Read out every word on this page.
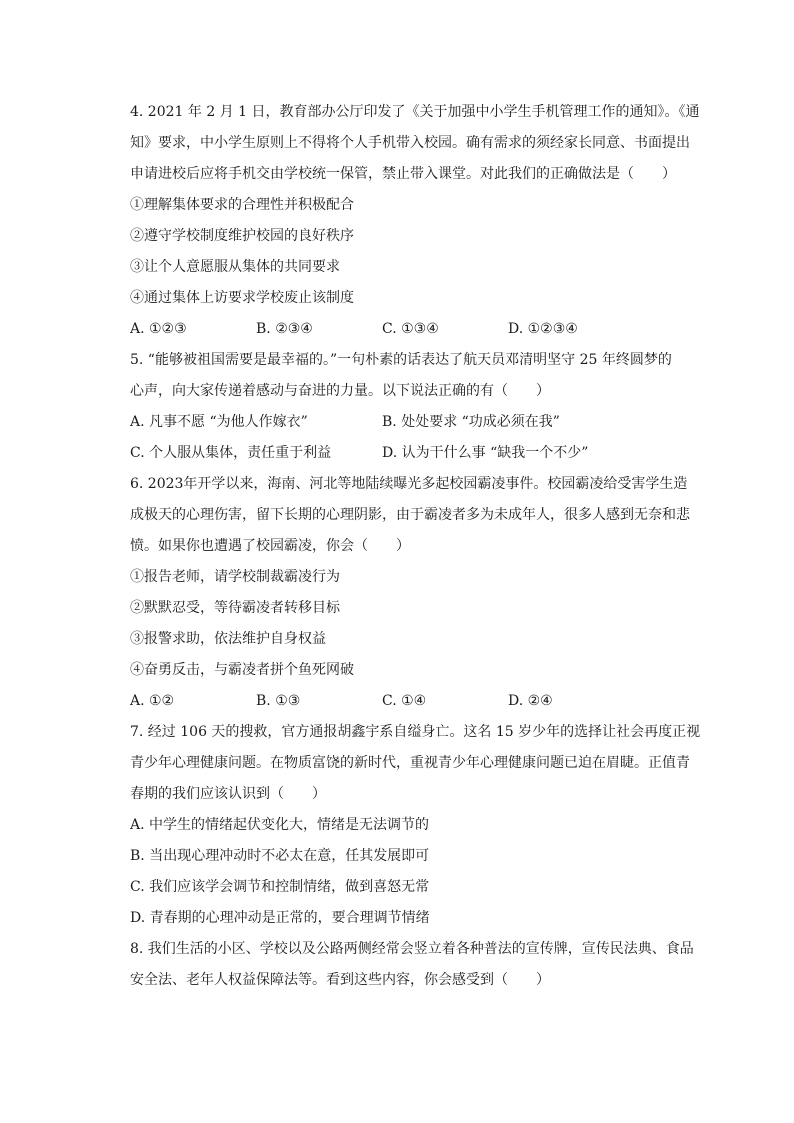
4. 2021 年 2 月 1 日，教育部办公厅印发了《关于加强中小学生手机管理工作的通知》。《通
知》要求，中小学生原则上不得将个人手机带入校园。确有需求的须经家长同意、书面提出
申请进校后应将手机交由学校统一保管，禁止带入课堂。对此我们的正确做法是（　　）
①理解集体要求的合理性并积极配合
②遵守学校制度维护校园的良好秩序
③让个人意愿服从集体的共同要求
④通过集体上访要求学校废止该制度
A. ①②③	B. ②③④	C. ①③④	D. ①②③④
5. “能够被祖国需要是最幸福的。”一句朴素的话表达了航天员邓清明坚守 25 年终圆梦的
心声，向大家传递着感动与奋进的力量。以下说法正确的有（　　）
A. 凡事不愿 “为他人作嫁衣”	B. 处处要求 “功成必须在我”
C. 个人服从集体，责任重于利益	D. 认为干什么事 “缺我一个不少”
6. 2023年开学以来，海南、河北等地陆续曝光多起校园霸凌事件。校园霸凌给受害学生造
成极天的心理伤害，留下长期的心理阴影，由于霸凌者多为未成年人，很多人感到无奈和悲
愤。如果你也遭遇了校园霸凌，你会（　　）
①报告老师，请学校制裁霸凌行为
②默默忍受，等待霸凌者转移目标
③报警求助，依法维护自身权益
④奋勇反击，与霸凌者拼个鱼死网破
A. ①②	B. ①③	C. ①④	D. ②④
7. 经过 106 天的搜救，官方通报胡鑫宇系自缢身亡。这名 15 岁少年的选择让社会再度正视
青少年心理健康问题。在物质富饶的新时代，重视青少年心理健康问题已迫在眉睫。正值青
春期的我们应该认识到（　　）
A. 中学生的情绪起伏变化大，情绪是无法调节的
B. 当出现心理冲动时不必太在意，任其发展即可
C. 我们应该学会调节和控制情绪，做到喜怒无常
D. 青春期的心理冲动是正常的，要合理调节情绪
8. 我们生活的小区、学校以及公路两侧经常会竖立着各种普法的宣传牌，宣传民法典、食品
安全法、老年人权益保障法等。看到这些内容，你会感受到（　　）
